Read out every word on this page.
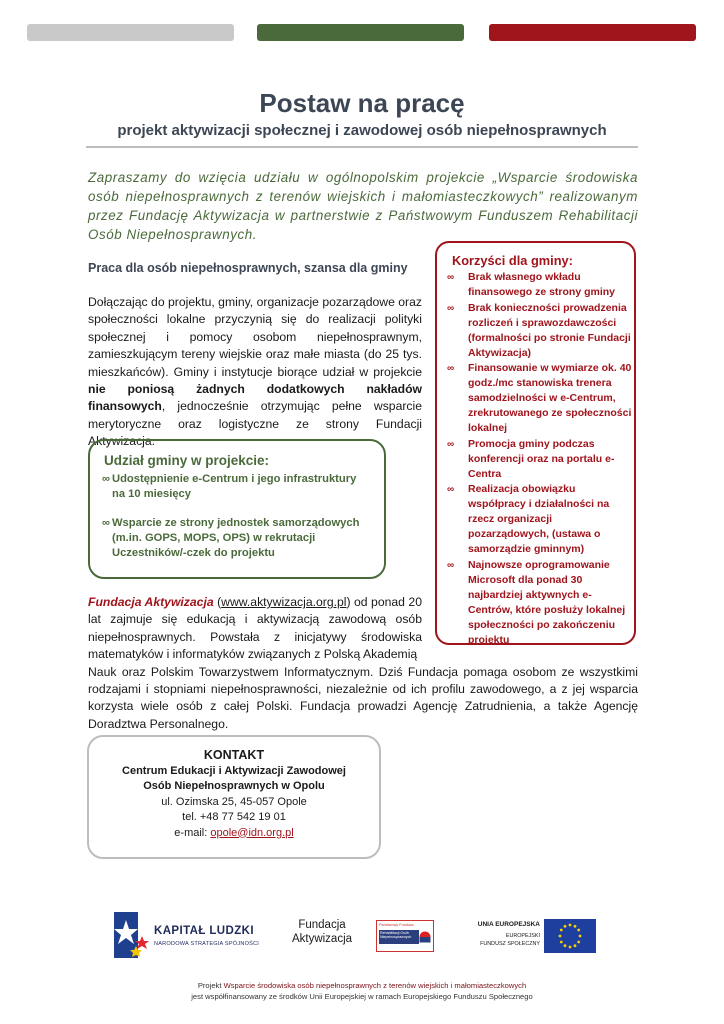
Postaw na pracę
projekt aktywizacji społecznej i zawodowej osób niepełnosprawnych
Zapraszamy do wzięcia udziału w ogólnopolskim projekcie „Wsparcie środowiska osób niepełnosprawnych z terenów wiejskich i małomiasteczkowych” realizowanym przez Fundację Aktywizacja w partnerstwie z Państwowym Funduszem Rehabilitacji Osób Niepełnosprawnych.
Praca dla osób niepełnosprawnych, szansa dla gminy
Dołączając do projektu, gminy, organizacje pozarządowe oraz społeczności lokalne przyczynią się do realizacji polityki społecznej i pomocy osobom niepełnosprawnym, zamieszkującym tereny wiejskie oraz małe miasta (do 25 tys. mieszkańców). Gminy i instytucje biorące udział w projekcie nie poniosą żadnych dodatkowych nakładów finansowych, jednocześnie otrzymując pełne wsparcie merytoryczne oraz logistyczne ze strony Fundacji Aktywizacja.
Udział gminy w projekcie:
∞ Udostępnienie e-Centrum i jego infrastruktury
na 10 miesięcy
∞ Wsparcie ze strony jednostek samorządowych
(m.in. GOPS, MOPS, OPS) w rekrutacji
Uczestników/-czek do projektu
Korzyści dla gminy:
∞ Brak własnego wkładu finansowego ze strony gminy
∞ Brak konieczności prowadzenia rozliczeń i sprawozdawczości (formalności po stronie Fundacji Aktywizacja)
∞ Finansowanie w wymiarze ok. 40 godz./mc stanowiska trenera samodzielności w e-Centrum, zrekrutowanego ze społeczności lokalnej
∞ Promocja gminy podczas konferencji oraz na portalu e-Centra
∞ Realizacja obowiązku współpracy i działalności na rzecz organizacji pozarządowych, (ustawa o samorządzie gminnym)
∞ Najnowsze oprogramowanie Microsoft dla ponad 30 najbardziej aktywnych e-Centrów, które posłuży lokalnej społeczności po zakończeniu projektu
Fundacja Aktywizacja (www.aktywizacja.org.pl) od ponad 20 lat zajmuje się edukacją i aktywizacją zawodową osób niepełnosprawnych. Powstała z inicjatywy środowiska matematyków i informatyków związanych z Polską Akademią
Nauk oraz Polskim Towarzystwem Informatycznym. Dziś Fundacja pomaga osobom ze wszystkimi rodzajami i stopniami niepełnosprawności, niezależnie od ich profilu zawodowego, a z jej wsparcia korzysta wiele osób z całej Polski. Fundacja prowadzi Agencję Zatrudnienia, a także Agencję Doradztwa Personalnego.
KONTAKT
Centrum Edukacji i Aktywizacji Zawodowej
Osób Niepełnosprawnych w Opolu
ul. Ozimska 25, 45-057 Opole
tel. +48 77 542 19 01
e-mail: opole@idn.org.pl
KAPITAŁ LUDZKI
NARODOWA STRATEGIA SPÓJNOŚCI
Fundacja
Aktywizacja
Państwowy Fundusz
Rehabilitacji Osób Niepełnosprawnych
UNIA EUROPEJSKA
EUROPEJSKI
FUNDUSZ SPOŁECZNY
Projekt Wsparcie środowiska osób niepełnosprawnych z terenów wiejskich i małomiasteczkowych
jest współfinansowany ze środków Unii Europejskiej w ramach Europejskiego Funduszu Społecznego
